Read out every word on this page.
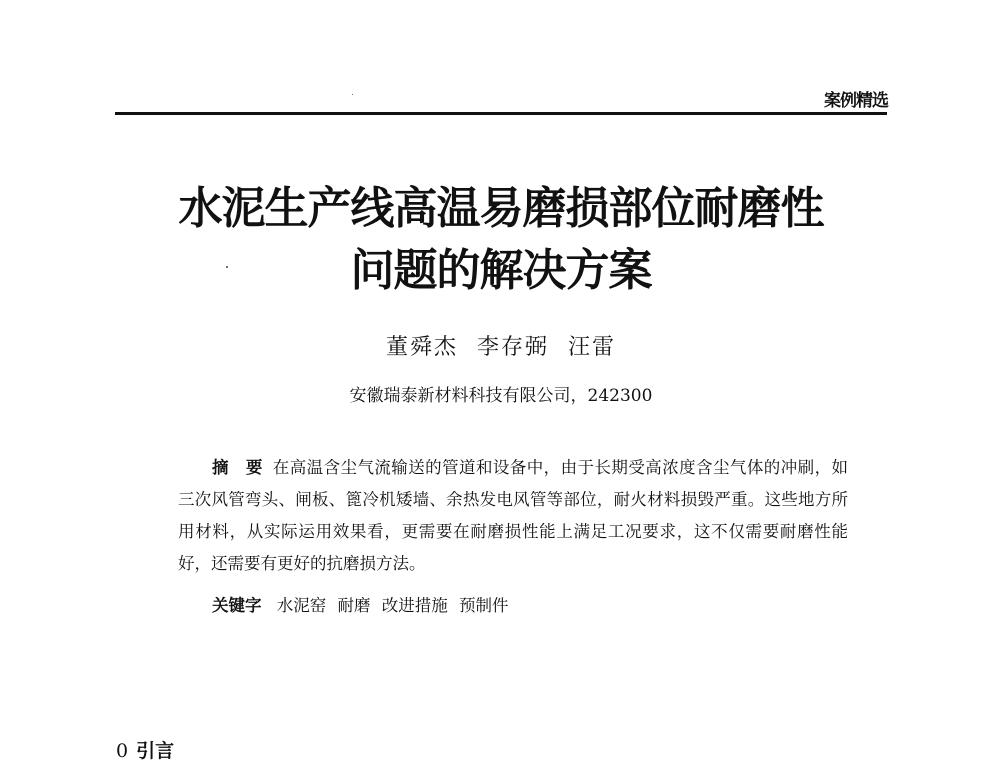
案例精选
水泥生产线高温易磨损部位耐磨性
问题的解决方案
董舜杰 李存弼 汪雷
安徽瑞泰新材料科技有限公司，242300
摘　要 在高温含尘气流输送的管道和设备中，由于长期受高浓度含尘气体的冲刷，如三次风管弯头、闸板、篦冷机矮墙、余热发电风管等部位，耐火材料损毁严重。这些地方所用材料，从实际运用效果看，更需要在耐磨损性能上满足工况要求，这不仅需要耐磨性能好，还需要有更好的抗磨损方法。
关键字 水泥窑 耐磨 改进措施 预制件
0 引言
